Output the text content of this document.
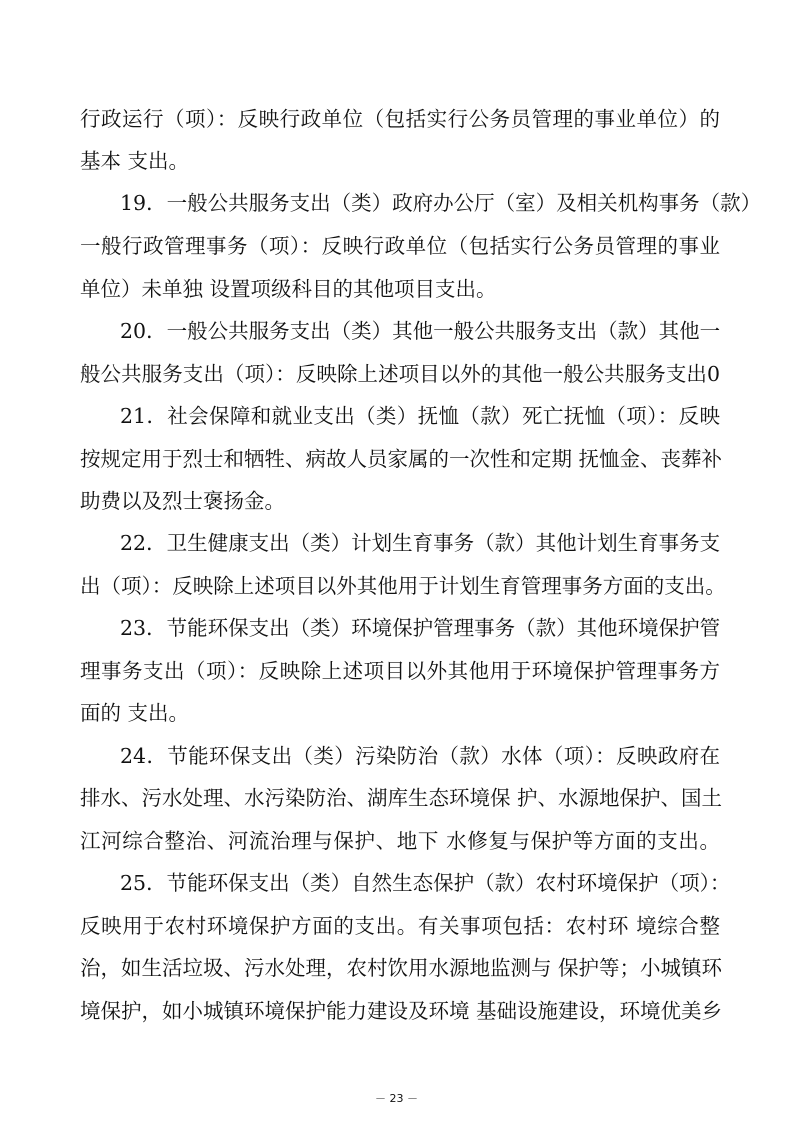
行政运行（项）：反映行政单位（包括实行公务员管理的事业单位）的
基本 支出。
19．一般公共服务支出（类）政府办公厅（室）及相关机构事务（款）
一般行政管理事务（项）：反映行政单位（包括实行公务员管理的事业
单位）未单独 设置项级科目的其他项目支出。
20．一般公共服务支出（类）其他一般公共服务支出（款）其他一
般公共服务支出（项）：反映除上述项目以外的其他一般公共服务支出0
21．社会保障和就业支出（类）抚恤（款）死亡抚恤（项）：反映
按规定用于烈士和牺牲、病故人员家属的一次性和定期 抚恤金、丧葬补
助费以及烈士褒扬金。
22．卫生健康支出（类）计划生育事务（款）其他计划生育事务支
出（项）：反映除上述项目以外其他用于计划生育管理事务方面的支出。
23．节能环保支出（类）环境保护管理事务（款）其他环境保护管
理事务支出（项）：反映除上述项目以外其他用于环境保护管理事务方
面的 支出。
24．节能环保支出（类）污染防治（款）水体（项）：反映政府在
排水、污水处理、水污染防治、湖库生态环境保 护、水源地保护、国土
江河综合整治、河流治理与保护、地下 水修复与保护等方面的支出。
25．节能环保支出（类）自然生态保护（款）农村环境保护（项）：
反映用于农村环境保护方面的支出。有关事项包括：农村环 境综合整
治，如生活垃圾、污水处理，农村饮用水源地监测与 保护等；小城镇环
境保护，如小城镇环境保护能力建设及环境 基础设施建设，环境优美乡
－ 23 －
